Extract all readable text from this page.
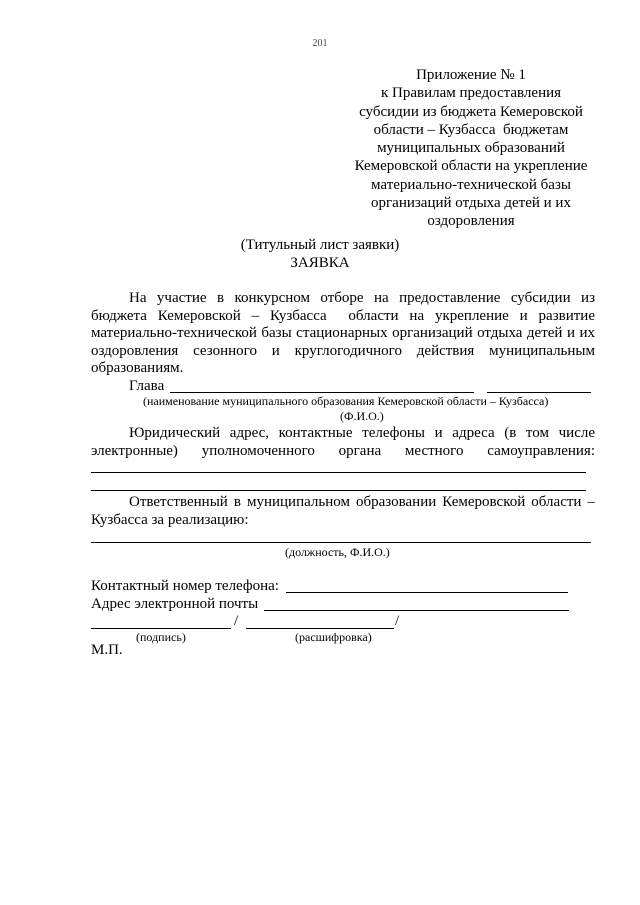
201
Приложение № 1
к Правилам предоставления
субсидии из бюджета Кемеровской
области – Кузбасса  бюджетам
муниципальных образований
Кемеровской области на укрепление
материально-технической базы
организаций отдыха детей и их
оздоровления
(Титульный лист заявки)
ЗАЯВКА
На участие в конкурсном отборе на предоставление субсидии из бюджета Кемеровской – Кузбасса  области на укрепление и развитие материально-технической базы стационарных организаций отдыха детей и их оздоровления сезонного и круглогодичного действия муниципальным образованиям.
Глава
(наименование муниципального образования Кемеровской области – Кузбасса)
(Ф.И.О.)
Юридический адрес, контактные телефоны и адреса (в том числе электронные) уполномоченного органа местного самоуправления:
Ответственный в муниципальном образовании Кемеровской области – Кузбасса за реализацию:
(должность, Ф.И.О.)
Контактный номер телефона:
Адрес электронной почты
/	/
(подпись)	(расшифровка)
М.П.
